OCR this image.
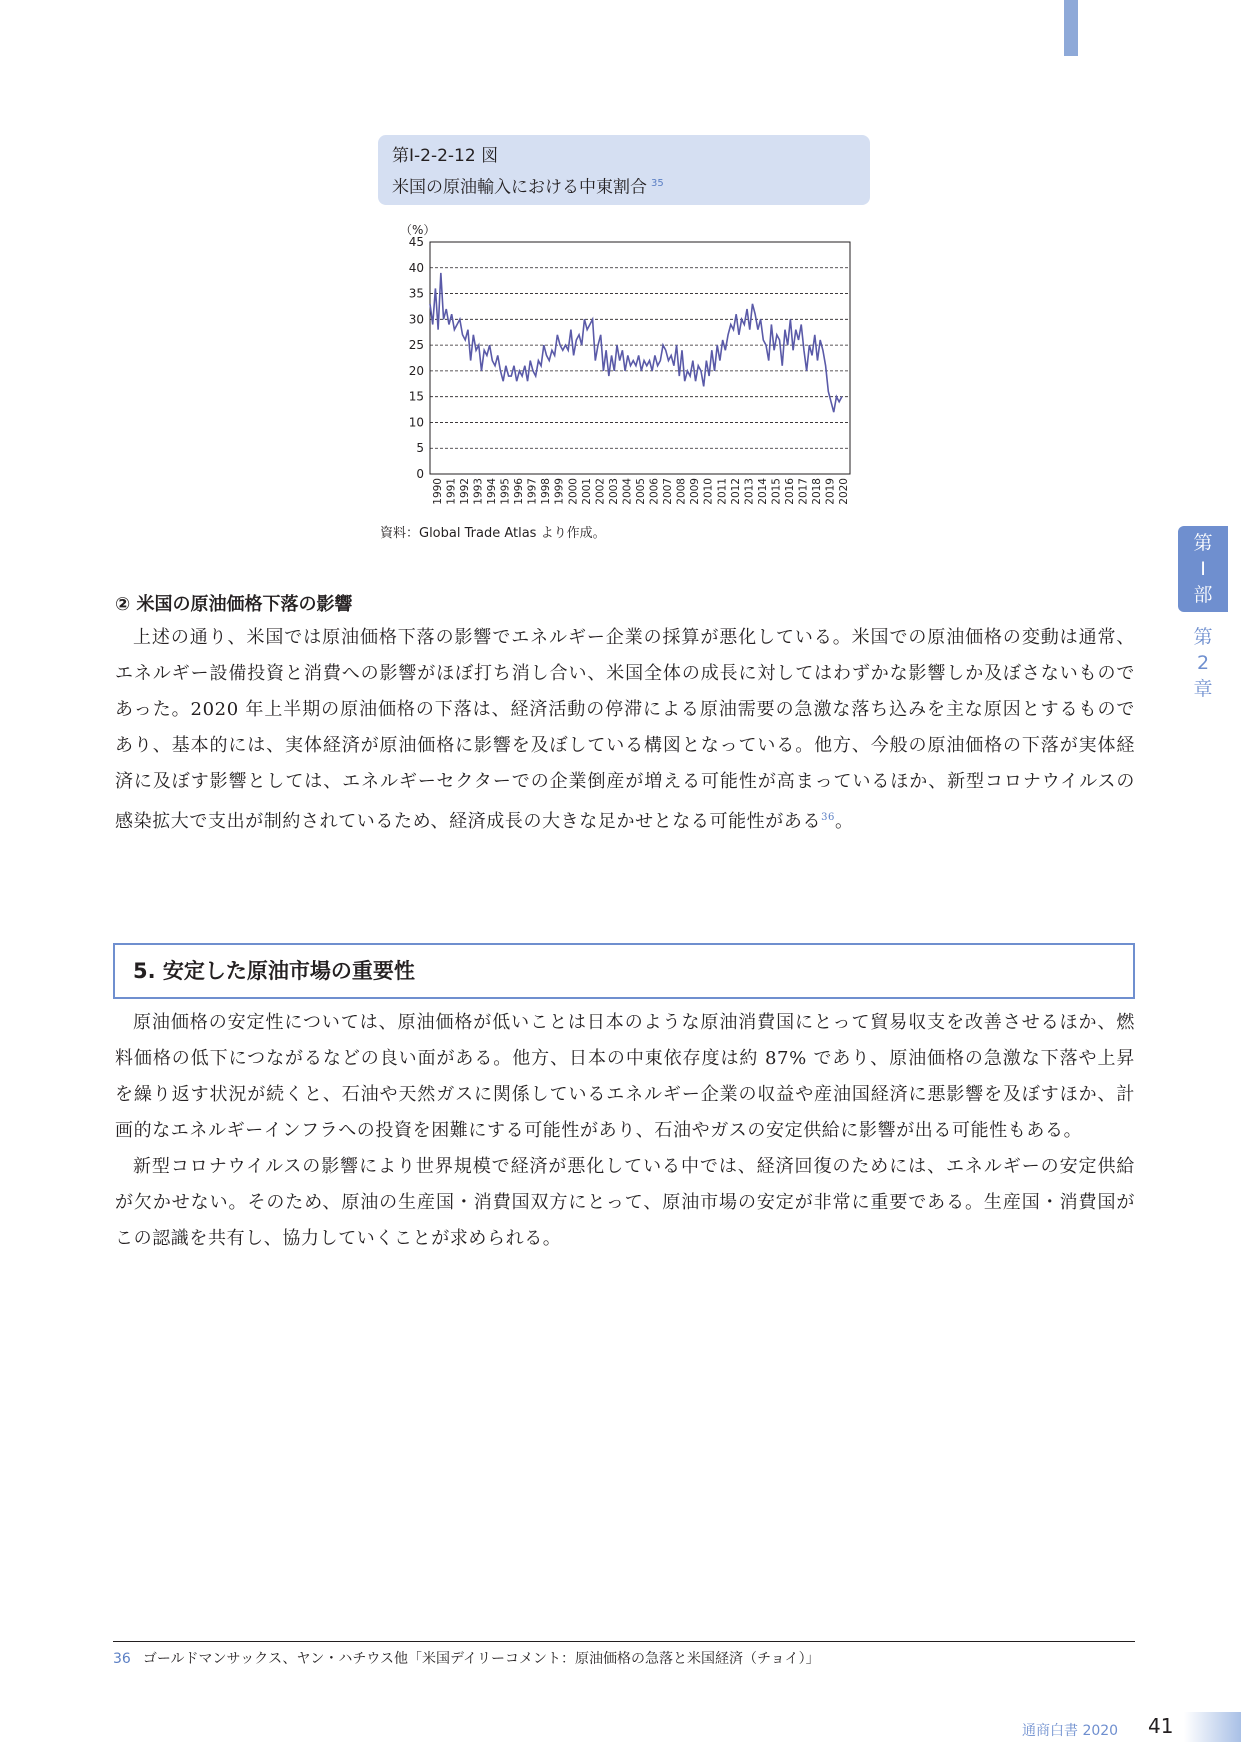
第Ⅰ-2-2-12 図
米国の原油輸入における中東割合 $^{35}$
0
5
10
15
20
25
30
35
40
45
（%）
1990 1991 1992 1993 1994 1995 1996 1997 1998 1999 2000 2001 2002 2003 2004 2005 2006 2007 2008 2009 2010 2011 2012 2013 2014 2015 2016 2017 2018 2019 2020
資料：Global Trade Atlas より作成。	第
Ⅰ
部
第
2
章
② 米国の原油価格下落の影響

上述の通り、米国では原油価格下落の影響でエネルギー企業の採算が悪化している。米国での原油価格の変動は通常、エネルギー設備投資と消費への影響がほぼ打ち消し合い、米国全体の成長に対してはわずかな影響しか及ぼさないものであった。2020 年上半期の原油価格の下落は、経済活動の停滞による原油需要の急激な落ち込みを主な原因とするものであり、基本的には、実体経済が原油価格に影響を及ぼしている構図となっている。他方、今般の原油価格の下落が実体経済に及ぼす影響としては、エネルギーセクターでの企業倒産が増える可能性が高まっているほか、新型コロナウイルスの感染拡大で支出が制約されているため、経済成長の大きな足かせとなる可能性がある$^{36}$。

5. 安定した原油市場の重要性

原油価格の安定性については、原油価格が低いことは日本のような原油消費国にとって貿易収支を改善させるほか、燃料価格の低下につながるなどの良い面がある。他方、日本の中東依存度は約 87% であり、原油価格の急激な下落や上昇を繰り返す状況が続くと、石油や天然ガスに関係しているエネルギー企業の収益や産油国経済に悪影響を及ぼすほか、計画的なエネルギーインフラへの投資を困難にする可能性があり、石油やガスの安定供給に影響が出る可能性もある。

新型コロナウイルスの影響により世界規模で経済が悪化している中では、経済回復のためには、エネルギーの安定供給が欠かせない。そのため、原油の生産国・消費国双方にとって、原油市場の安定が非常に重要である。生産国・消費国がこの認識を共有し、協力していくことが求められる。

36 ゴールドマンサックス、ヤン・ハチウス他「米国デイリーコメント：原油価格の急落と米国経済（チョイ）」
通商白書 2020 41
